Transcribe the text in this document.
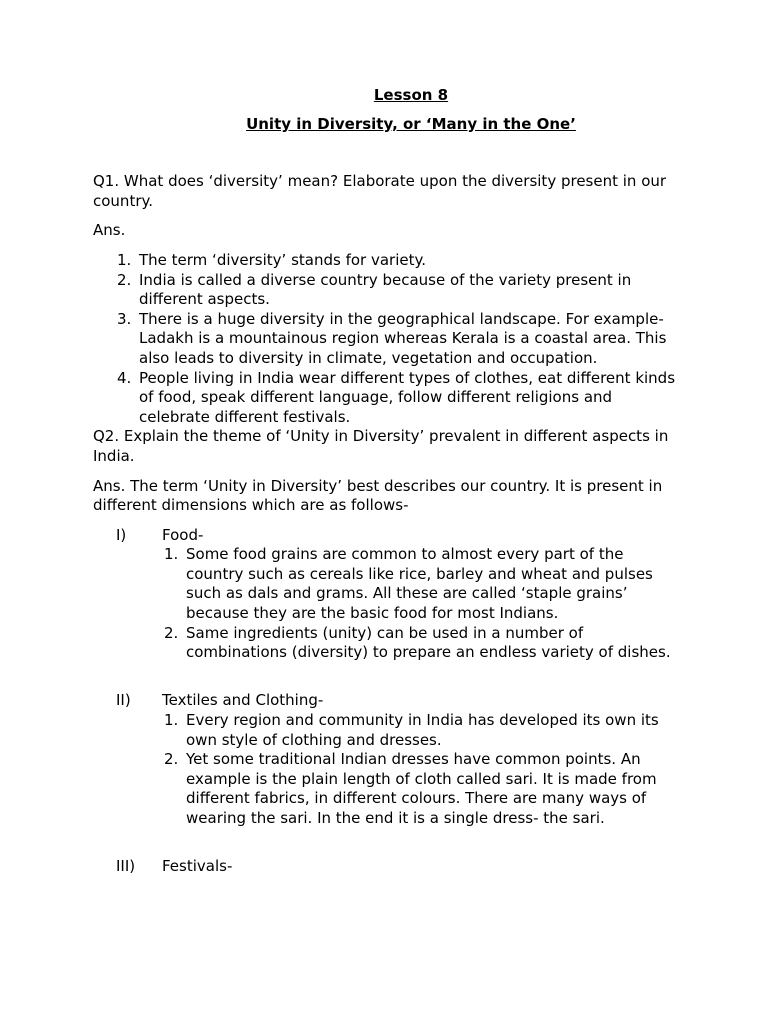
Lesson 8

Unity in Diversity, or ‘Many in the One’

Q1. What does ‘diversity’ mean? Elaborate upon the diversity present in our country.

Ans.

1. The term ‘diversity’ stands for variety.
2. India is called a diverse country because of the variety present in different aspects.
3. There is a huge diversity in the geographical landscape. For example- Ladakh is a mountainous region whereas Kerala is a coastal area. This also leads to diversity in climate, vegetation and occupation.
4. People living in India wear different types of clothes, eat different kinds of food, speak different language, follow different religions and celebrate different festivals.

Q2. Explain the theme of ‘Unity in Diversity’ prevalent in different aspects in India.

Ans. The term ‘Unity in Diversity’ best describes our country. It is present in different dimensions which are as follows-

I) Food-
1. Some food grains are common to almost every part of the country such as cereals like rice, barley and wheat and pulses such as dals and grams. All these are called ‘staple grains’ because they are the basic food for most Indians.
2. Same ingredients (unity) can be used in a number of combinations (diversity) to prepare an endless variety of dishes.
II) Textiles and Clothing-
1. Every region and community in India has developed its own its own style of clothing and dresses.
2. Yet some traditional Indian dresses have common points. An example is the plain length of cloth called sari. It is made from different fabrics, in different colours. There are many ways of wearing the sari. In the end it is a single dress- the sari.
III) Festivals-
